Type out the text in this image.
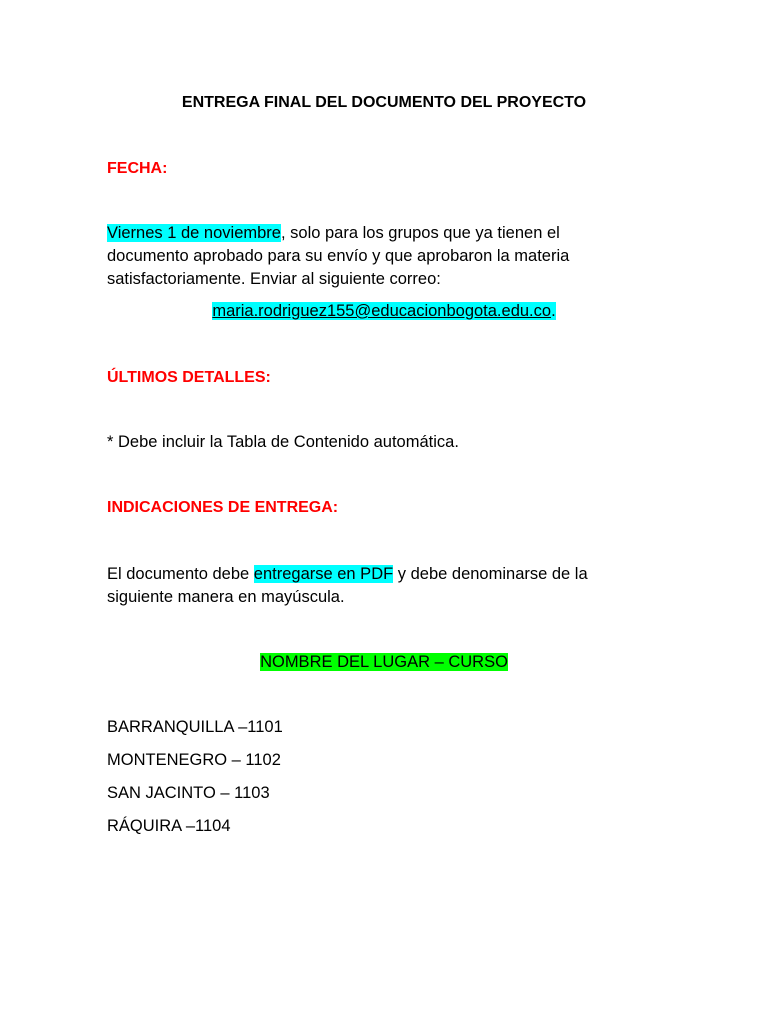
ENTREGA FINAL DEL DOCUMENTO DEL PROYECTO
FECHA:
Viernes 1 de noviembre, solo para los grupos que ya tienen el
documento aprobado para su envío y que aprobaron la materia
satisfactoriamente. Enviar al siguiente correo:
maria.rodriguez155@educacionbogota.edu.co.
ÚLTIMOS DETALLES:
* Debe incluir la Tabla de Contenido automática.
INDICACIONES DE ENTREGA:
El documento debe entregarse en PDF y debe denominarse de la
siguiente manera en mayúscula.
NOMBRE DEL LUGAR – CURSO
BARRANQUILLA –1101
MONTENEGRO – 1102
SAN JACINTO – 1103
RÁQUIRA –1104
